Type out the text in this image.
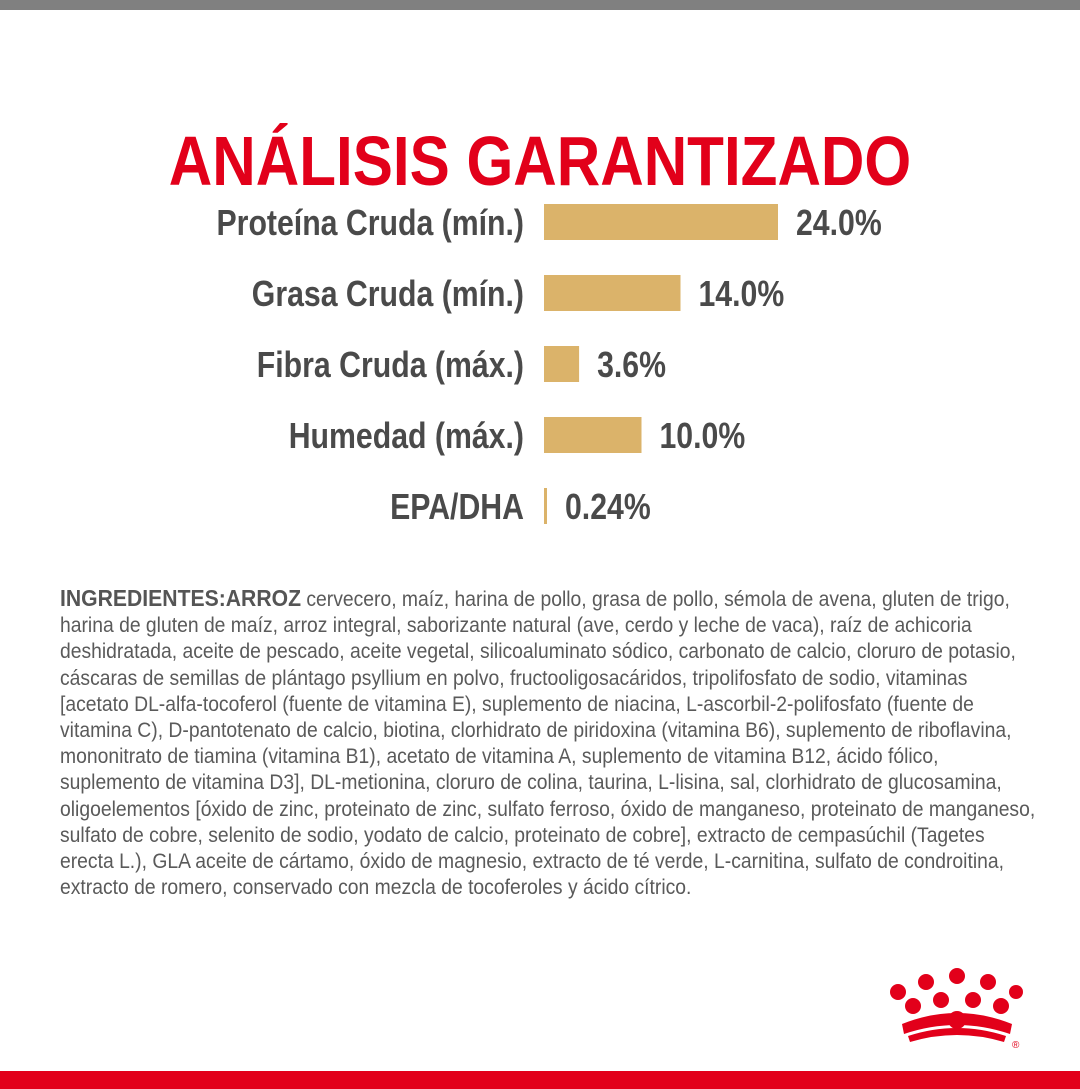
ANÁLISIS GARANTIZADO
Proteína Cruda (mín.)	24.0%
Grasa Cruda (mín.)	14.0%
Fibra Cruda (máx.) 3.6%
Humedad (máx.)	10.0%
EPA/DHA 0.24%
INGREDIENTES:ARROZ cervecero, maíz, harina de pollo, grasa de pollo, sémola de avena, gluten de trigo, harina de gluten de maíz, arroz integral, saborizante natural (ave, cerdo y leche de vaca), raíz de achicoria deshidratada, aceite de pescado, aceite vegetal, silicoaluminato sódico, carbonato de calcio, cloruro de potasio, cáscaras de semillas de plántago psyllium en polvo, fructooligosacáridos, tripolifosfato de sodio, vitaminas [acetato DL-alfa-tocoferol (fuente de vitamina E), suplemento de niacina, L-ascorbil-2-polifosfato (fuente de vitamina C), D-pantotenato de calcio, biotina, clorhidrato de piridoxina (vitamina B6), suplemento de riboflavina, mononitrato de tiamina (vitamina B1), acetato de vitamina A, suplemento de vitamina B12, ácido fólico, suplemento de vitamina D3], DL-metionina, cloruro de colina, taurina, L-lisina, sal, clorhidrato de glucosamina, oligoelementos [óxido de zinc, proteinato de zinc, sulfato ferroso, óxido de manganeso, proteinato de manganeso, sulfato de cobre, selenito de sodio, yodato de calcio, proteinato de cobre], extracto de cempasúchil (Tagetes erecta L.), GLA aceite de cártamo, óxido de magnesio, extracto de té verde, L-carnitina, sulfato de condroitina, extracto de romero, conservado con mezcla de tocoferoles y ácido cítrico.
®
